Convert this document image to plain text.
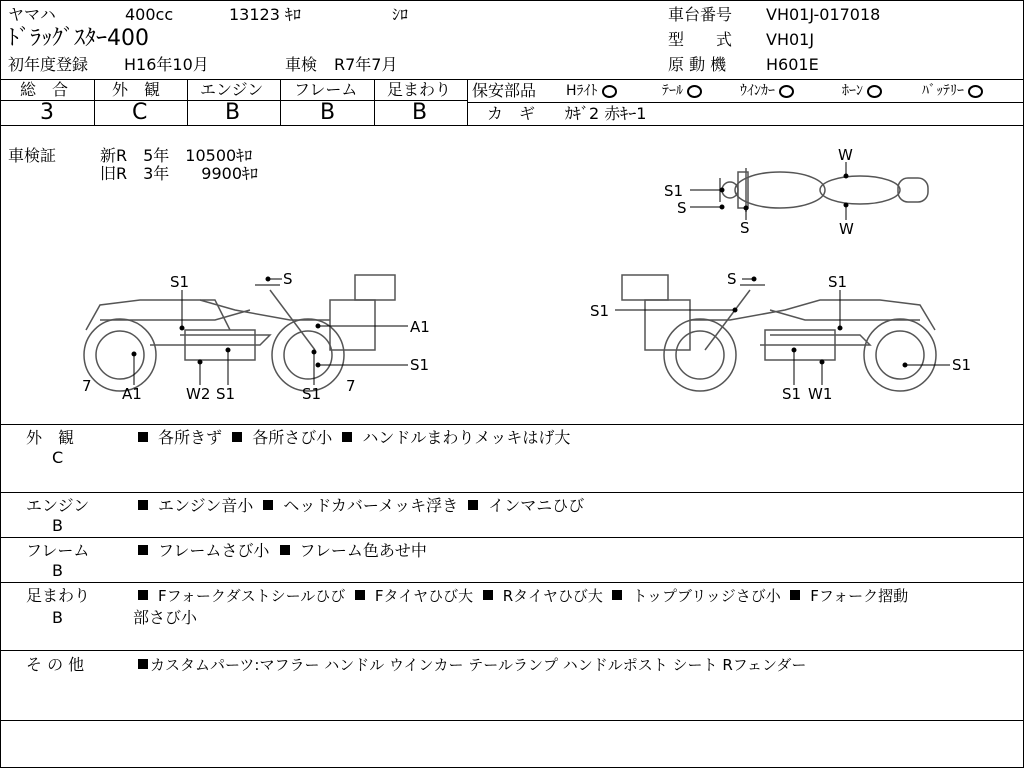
ヤマハ	400cc	13123 ｷﾛ	ｼﾛ
ﾄﾞﾗｯｸﾞｽﾀｰ400
初年度登録 H16年10月	車検 R7年7月
車台番号 VH01J-017018
型　　式 VH01J
原 動 機 H601E
総　合	外　観 エンジン フレーム 足まわり
3	C	B	B	B
保安部品 Hﾗｲﾄ	ﾃｰﾙ	ｳｲﾝｶｰ	ﾎｰﾝ	ﾊﾞｯﾃﾘｰ
カ　ギ ｶｷﾞ2 赤ｷｰ1
車検証	新R　5年　10500ｷﾛ
旧R　3年　　9900ｷﾛ
W
S1
S
S	W
S1	S
A1
S1
7 A1	W2 S1	S1 7
S	S1
S1
S1
S1 W1
外　観
C
各所きず 各所さび小 ハンドルまわりメッキはげ大
エンジン
B
エンジン音小 ヘッドカバーメッキ浮き インマニひび
フレーム
B
フレームさび小 フレーム色あせ中
足まわり
B
Fフォークダストシールひび Fタイヤひび大 Rタイヤひび大 トップブリッジさび小 Fフォーク摺動
部さび小
そ の 他	カスタムパーツ:マフラー ハンドル ウインカー テールランプ ハンドルポスト シート Rフェンダー
